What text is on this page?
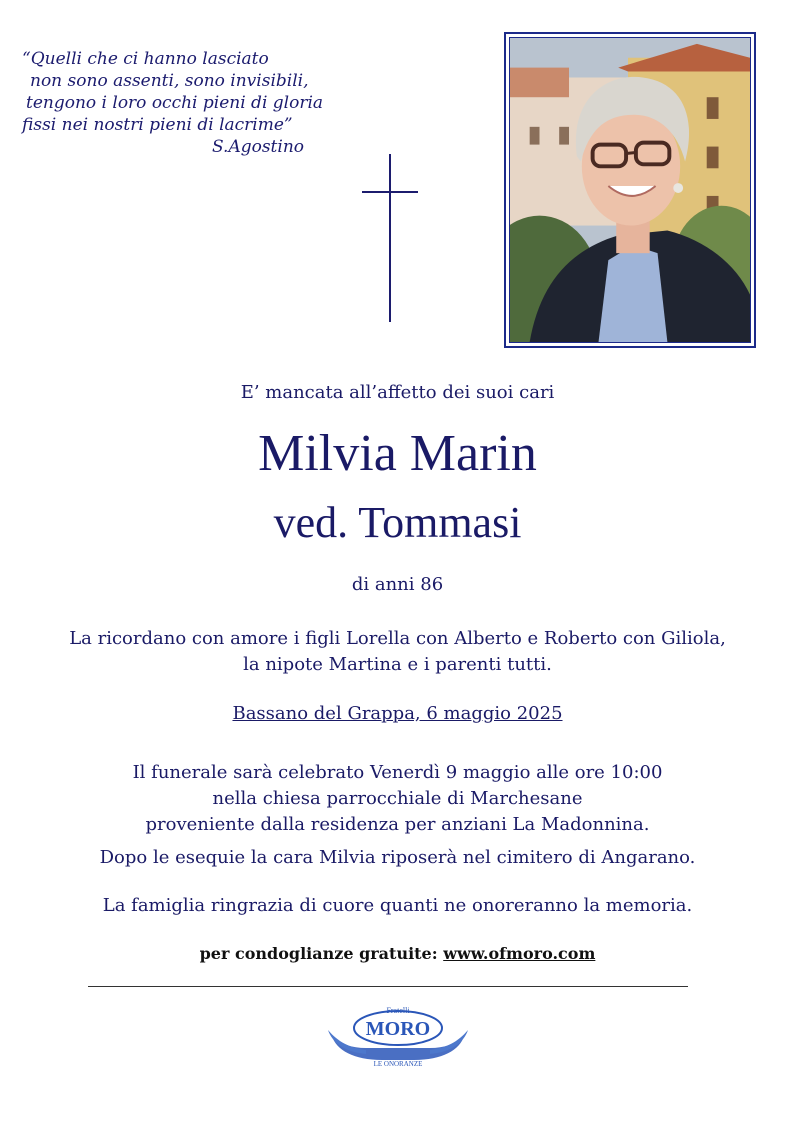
“Quelli che ci hanno lasciato
non sono assenti, sono invisibili,
tengono i loro occhi pieni di gloria
fissi nei nostri pieni di lacrime”
S.Agostino
E’ mancata all’affetto dei suoi cari
Milvia Marin
ved. Tommasi
di anni 86
La ricordano con amore i figli Lorella con Alberto e Roberto con Giliola,
la nipote Martina e i parenti tutti.
Bassano del Grappa, 6 maggio 2025
Il funerale sarà celebrato Venerdì 9 maggio alle ore 10:00
nella chiesa parrocchiale di Marchesane
proveniente dalla residenza per anziani La Madonnina.
Dopo le esequie la cara Milvia riposerà nel cimitero di Angarano.
La famiglia ringrazia di cuore quanti ne onoreranno la memoria.
per condoglianze gratuite: www.ofmoro.com
Fratelli
MORO
LE ONORANZE
